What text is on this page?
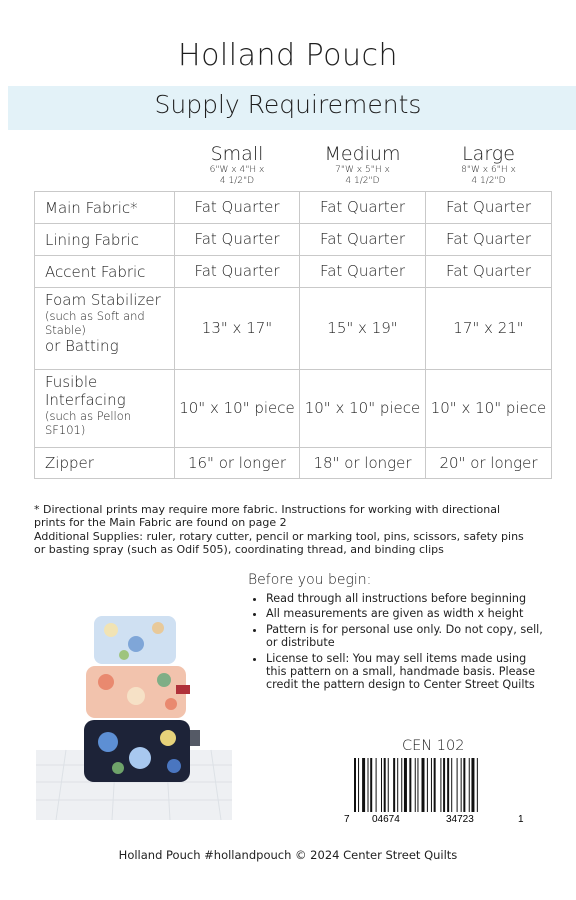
Holland Pouch
Supply Requirements

	Small
6"W x 4"H x
4 1/2"D	Medium
7"W x 5"H x
4 1/2"D	Large
8"W x 6"H x
4 1/2"D

Main Fabric*	Fat Quarter	Fat Quarter	Fat Quarter
Lining Fabric	Fat Quarter	Fat Quarter	Fat Quarter
Accent Fabric	Fat Quarter	Fat Quarter	Fat Quarter

Foam Stabilizer
(such as Soft and Stable)
or Batting	13" x 17"	15" x 19"	17" x 21"

Fusible Interfacing
(such as Pellon SF101)	10" x 10" piece	10" x 10" piece	10" x 10" piece
Zipper	16" or longer	18" or longer	20" or longer

* Directional prints may require more fabric. Instructions for working with directional prints for the Main Fabric are found on page 2

Additional Supplies: ruler, rotary cutter, pencil or marking tool, pins, scissors, safety pins or basting spray (such as Odif 505), coordinating thread, and binding clips

Before you begin:
• Read through all instructions before beginning
• All measurements are given as width x height
• Pattern is for personal use only. Do not copy, sell, or distribute
• License to sell: You may sell items made using this pattern on a small, handmade basis. Please credit the pattern design to Center Street Quilts
CEN 102
7 04674	34723	1
Holland Pouch #hollandpouch © 2024 Center Street Quilts
